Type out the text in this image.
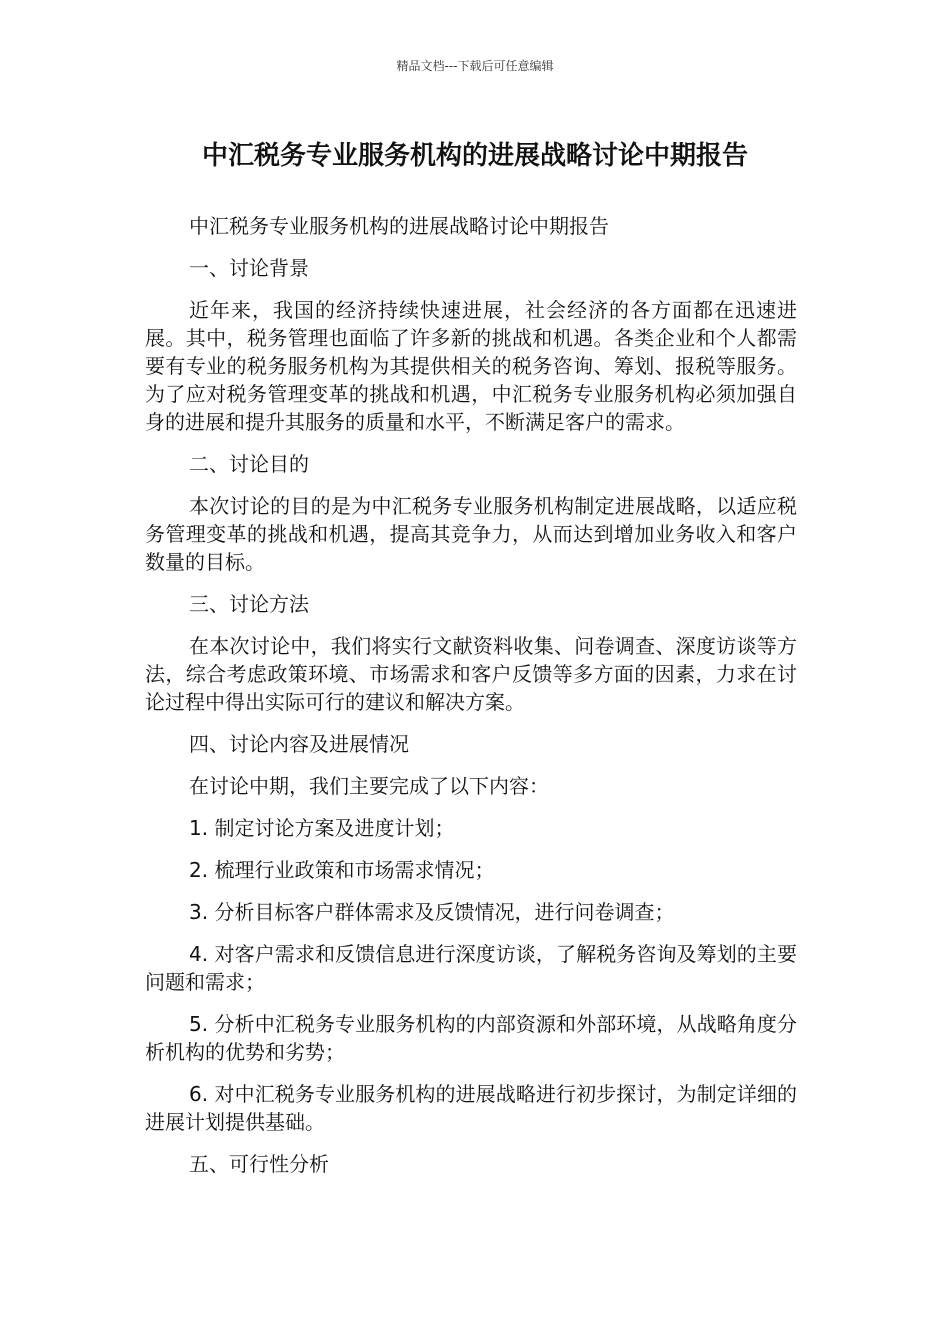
精品文档---下载后可任意编辑
中汇税务专业服务机构的进展战略讨论中期报告

中汇税务专业服务机构的进展战略讨论中期报告

一、讨论背景

近年来，我国的经济持续快速进展，社会经济的各方面都在迅速进展。其中，税务管理也面临了许多新的挑战和机遇。各类企业和个人都需要有专业的税务服务机构为其提供相关的税务咨询、筹划、报税等服务。为了应对税务管理变革的挑战和机遇，中汇税务专业服务机构必须加强自身的进展和提升其服务的质量和水平，不断满足客户的需求。

二、讨论目的

本次讨论的目的是为中汇税务专业服务机构制定进展战略，以适应税务管理变革的挑战和机遇，提高其竞争力，从而达到增加业务收入和客户数量的目标。

三、讨论方法

在本次讨论中，我们将实行文献资料收集、问卷调查、深度访谈等方法，综合考虑政策环境、市场需求和客户反馈等多方面的因素，力求在讨论过程中得出实际可行的建议和解决方案。

四、讨论内容及进展情况

在讨论中期，我们主要完成了以下内容：

1. 制定讨论方案及进度计划；

2. 梳理行业政策和市场需求情况；

3. 分析目标客户群体需求及反馈情况，进行问卷调查；

4. 对客户需求和反馈信息进行深度访谈，了解税务咨询及筹划的主要问题和需求；

5. 分析中汇税务专业服务机构的内部资源和外部环境，从战略角度分析机构的优势和劣势；

6. 对中汇税务专业服务机构的进展战略进行初步探讨，为制定详细的进展计划提供基础。

五、可行性分析
